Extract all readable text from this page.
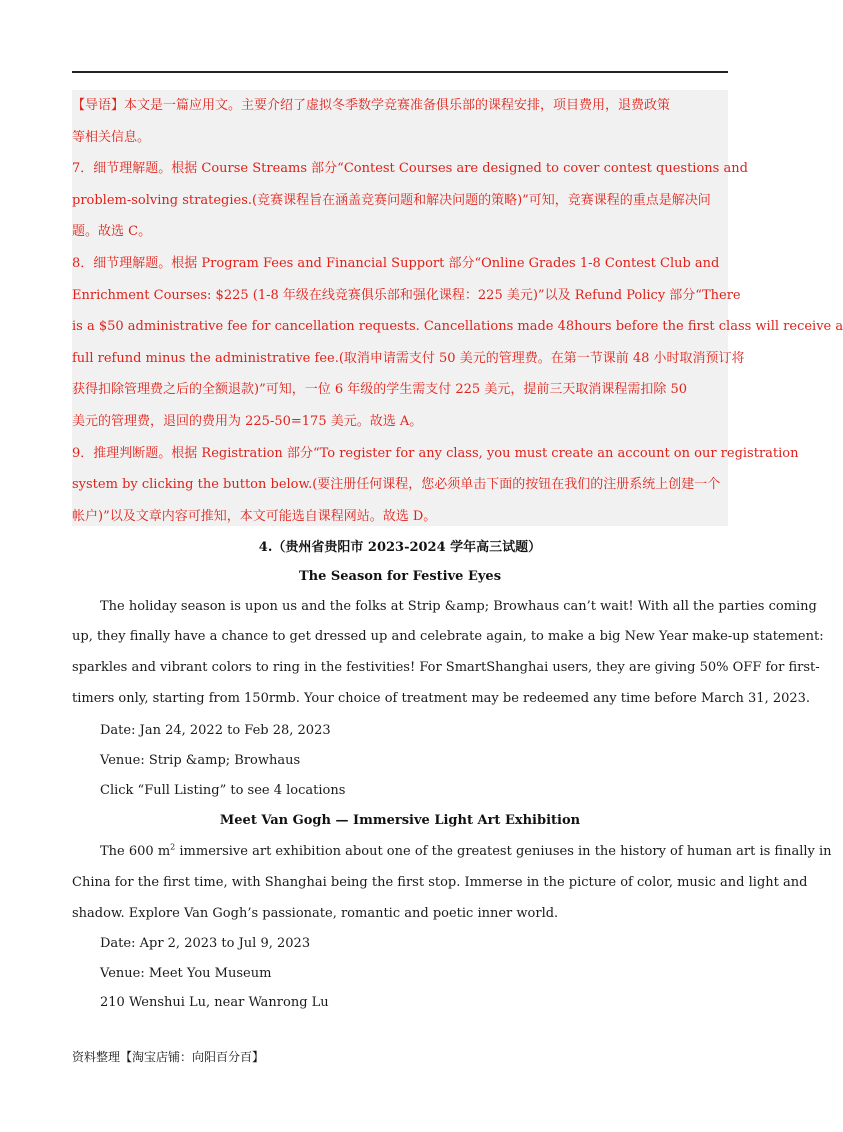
【导语】本文是一篇应用文。主要介绍了虚拟冬季数学竞赛准备俱乐部的课程安排，项目费用，退费政策
等相关信息。
7．细节理解题。根据 Course Streams 部分“Contest Courses are designed to cover contest questions and
problem-solving strategies.(竞赛课程旨在涵盖竞赛问题和解决问题的策略)”可知，竞赛课程的重点是解决问
题。故选 C。
8．细节理解题。根据 Program Fees and Financial Support 部分“Online Grades 1-8 Contest Club and
Enrichment Courses: $225 (1-8 年级在线竞赛俱乐部和强化课程：225 美元)”以及 Refund Policy 部分“There
is a $50 administrative fee for cancellation requests. Cancellations made 48hours before the first class will receive a
full refund minus the administrative fee.(取消申请需支付 50 美元的管理费。在第一节课前 48 小时取消预订将
获得扣除管理费之后的全额退款)”可知，一位 6 年级的学生需支付 225 美元，提前三天取消课程需扣除 50
美元的管理费，退回的费用为 225-50=175 美元。故选 A。
9．推理判断题。根据 Registration 部分“To register for any class, you must create an account on our registration
system by clicking the button below.(要注册任何课程，您必须单击下面的按钮在我们的注册系统上创建一个
帐户)”以及文章内容可推知，本文可能选自课程网站。故选 D。
4.（贵州省贵阳市 2023-2024 学年高三试题）
The Season for Festive Eyes
The holiday season is upon us and the folks at Strip &amp; Browhaus can’t wait! With all the parties coming
up, they finally have a chance to get dressed up and celebrate again, to make a big New Year make-up statement:
sparkles and vibrant colors to ring in the festivities! For SmartShanghai users, they are giving 50% OFF for first-
timers only, starting from 150rmb. Your choice of treatment may be redeemed any time before March 31, 2023.
Date: Jan 24, 2022 to Feb 28, 2023
Venue: Strip &amp; Browhaus
Click “Full Listing” to see 4 locations
Meet Van Gogh — Immersive Light Art Exhibition
The 600 $m^2$ immersive art exhibition about one of the greatest geniuses in the history of human art is finally in
China for the first time, with Shanghai being the first stop. Immerse in the picture of color, music and light and
shadow. Explore Van Gogh’s passionate, romantic and poetic inner world.
Date: Apr 2, 2023 to Jul 9, 2023
Venue: Meet You Museum
210 Wenshui Lu, near Wanrong Lu
资料整理【淘宝店铺：向阳百分百】
